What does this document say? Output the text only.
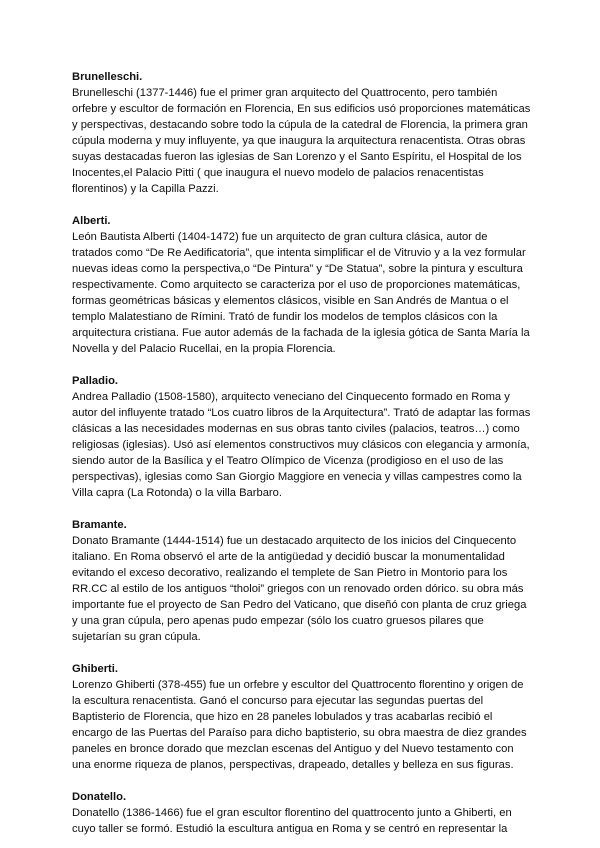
Brunelleschi.
Brunelleschi (1377-1446) fue el primer gran arquitecto del Quattrocento, pero también
orfebre y escultor de formación en Florencia, En sus edificios usó proporciones matemáticas
y perspectivas, destacando sobre todo la cúpula de la catedral de Florencia, la primera gran
cúpula moderna y muy influyente, ya que inaugura la arquitectura renacentista. Otras obras
suyas destacadas fueron las iglesias de San Lorenzo y el Santo Espíritu, el Hospital de los
Inocentes,el Palacio Pitti ( que inaugura el nuevo modelo de palacios renacentistas
florentinos) y la Capilla Pazzi.
Alberti.
León Bautista Alberti (1404-1472) fue un arquitecto de gran cultura clásica, autor de
tratados como “De Re Aedificatoria”, que intenta simplificar el de Vitruvio y a la vez formular
nuevas ideas como la perspectiva,o “De Pintura” y “De Statua”, sobre la pintura y escultura
respectivamente. Como arquitecto se caracteriza por el uso de proporciones matemáticas,
formas geométricas básicas y elementos clásicos, visible en San Andrés de Mantua o el
templo Malatestiano de Rímini. Trató de fundir los modelos de templos clásicos con la
arquitectura cristiana. Fue autor además de la fachada de la iglesia gótica de Santa María la
Novella y del Palacio Rucellai, en la propia Florencia.
Palladio.
Andrea Palladio (1508-1580), arquitecto veneciano del Cinquecento formado en Roma y
autor del influyente tratado “Los cuatro libros de la Arquitectura”. Trató de adaptar las formas
clásicas a las necesidades modernas en sus obras tanto civiles (palacios, teatros…) como
religiosas (iglesias). Usó así elementos constructivos muy clásicos con elegancia y armonía,
siendo autor de la Basílica y el Teatro Olímpico de Vicenza (prodigioso en el uso de las
perspectivas), iglesias como San Giorgio Maggiore en venecia y villas campestres como la
Villa capra (La Rotonda) o la villa Barbaro.
Bramante.
Donato Bramante (1444-1514) fue un destacado arquitecto de los inicios del Cinquecento
italiano. En Roma observó el arte de la antigüedad y decidió buscar la monumentalidad
evitando el exceso decorativo, realizando el templete de San Pietro in Montorio para los
RR.CC al estilo de los antiguos “tholoi” griegos con un renovado orden dórico. su obra más
importante fue el proyecto de San Pedro del Vaticano, que diseñó con planta de cruz griega
y una gran cúpula, pero apenas pudo empezar (sólo los cuatro gruesos pilares que
sujetarían su gran cúpula.
Ghiberti.
Lorenzo Ghiberti (378-455) fue un orfebre y escultor del Quattrocento florentino y origen de
la escultura renacentista. Ganó el concurso para ejecutar las segundas puertas del
Baptisterio de Florencia, que hizo en 28 paneles lobulados y tras acabarlas recibió el
encargo de las Puertas del Paraíso para dicho baptisterio, su obra maestra de diez grandes
paneles en bronce dorado que mezclan escenas del Antiguo y del Nuevo testamento con
una enorme riqueza de planos, perspectivas, drapeado, detalles y belleza en sus figuras.
Donatello.
Donatello (1386-1466) fue el gran escultor florentino del quattrocento junto a Ghiberti, en
cuyo taller se formó. Estudió la escultura antigua en Roma y se centró en representar la
